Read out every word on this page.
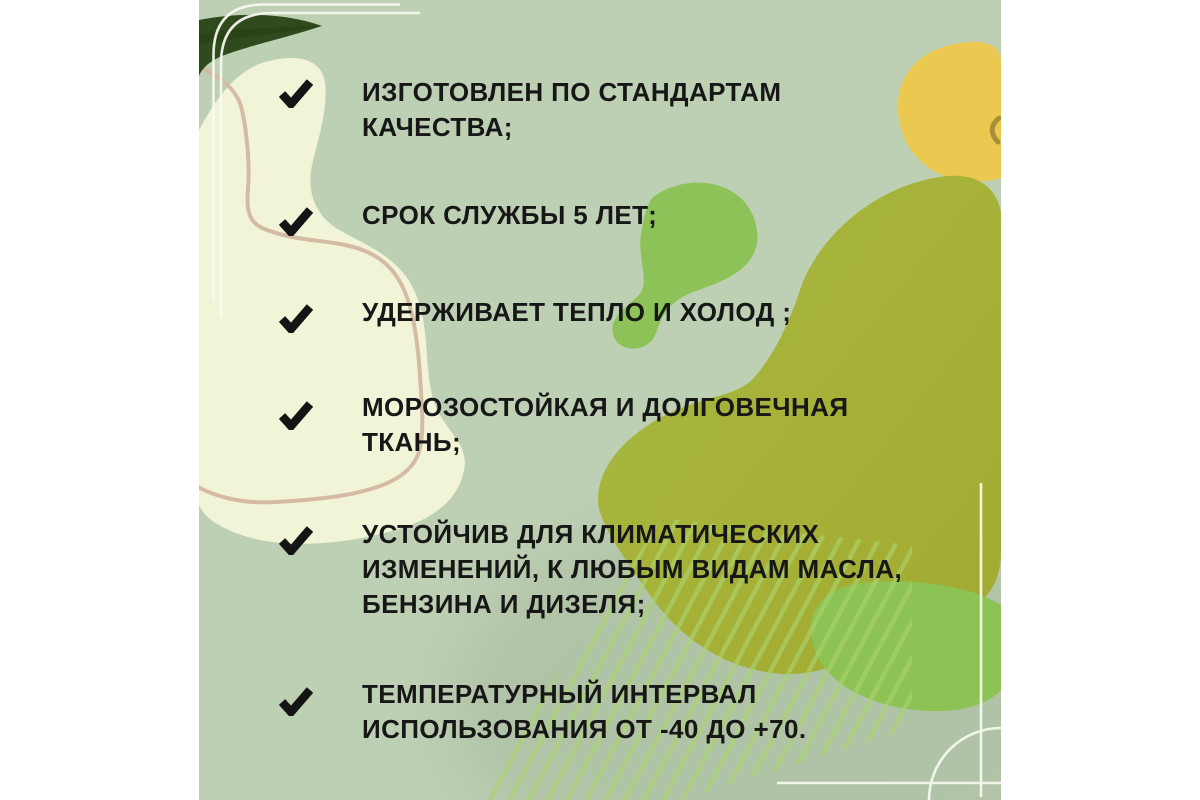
ИЗГОТОВЛЕН ПО СТАНДАРТАМ
КАЧЕСТВА;
СРОК СЛУЖБЫ 5 ЛЕТ;
УДЕРЖИВАЕТ ТЕПЛО И ХОЛОД ;
МОРОЗОСТОЙКАЯ И ДОЛГОВЕЧНАЯ
ТКАНЬ;
УСТОЙЧИВ ДЛЯ КЛИМАТИЧЕСКИХ
ИЗМЕНЕНИЙ, К ЛЮБЫМ ВИДАМ МАСЛА,
БЕНЗИНА И ДИЗЕЛЯ;
ТЕМПЕРАТУРНЫЙ ИНТЕРВАЛ
ИСПОЛЬЗОВАНИЯ ОТ -40 ДО +70.
